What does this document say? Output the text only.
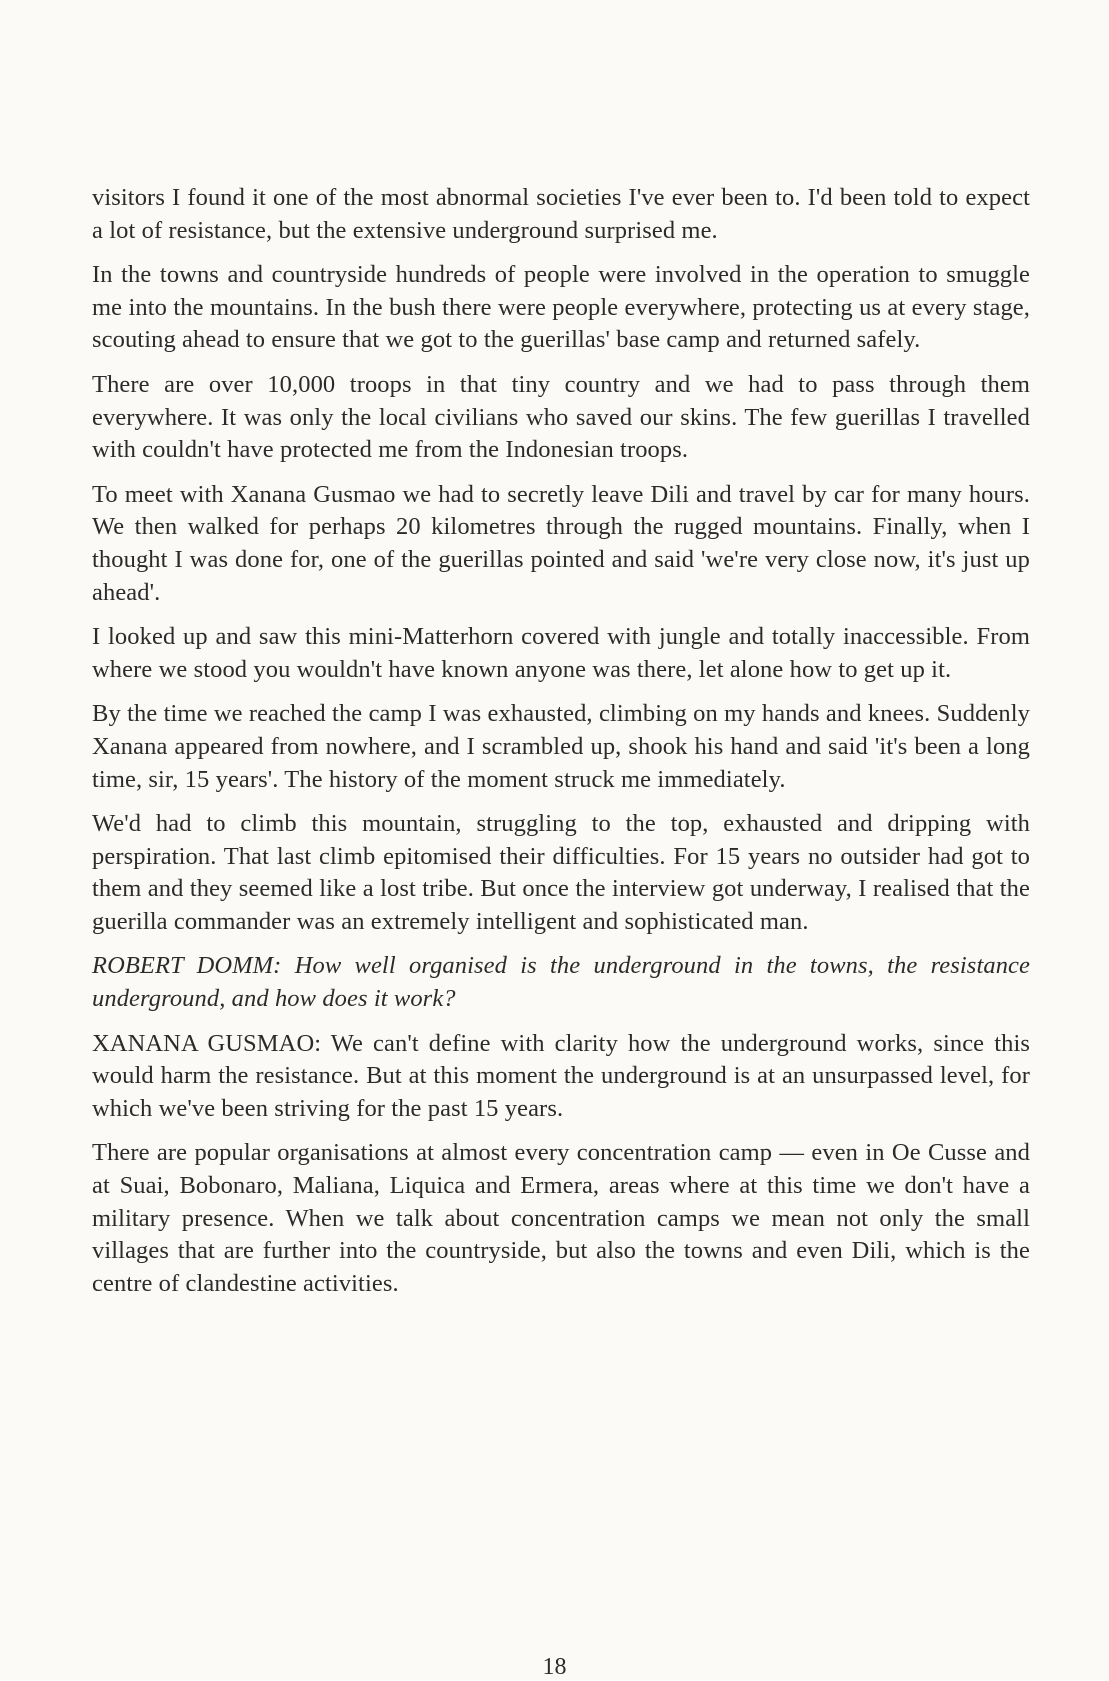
visitors I found it one of the most abnormal societies I've ever been to. I'd been told to expect a lot of resistance, but the extensive underground surprised me.

In the towns and countryside hundreds of people were involved in the operation to smuggle me into the mountains. In the bush there were people everywhere, protecting us at every stage, scouting ahead to ensure that we got to the guerillas' base camp and returned safely.

There are over 10,000 troops in that tiny country and we had to pass through them everywhere. It was only the local civilians who saved our skins. The few guerillas I travelled with couldn't have protected me from the Indonesian troops.

To meet with Xanana Gusmao we had to secretly leave Dili and travel by car for many hours. We then walked for perhaps 20 kilometres through the rugged mountains. Finally, when I thought I was done for, one of the guerillas pointed and said 'we're very close now, it's just up ahead'.

I looked up and saw this mini-Matterhorn covered with jungle and totally inaccessible. From where we stood you wouldn't have known anyone was there, let alone how to get up it.

By the time we reached the camp I was exhausted, climbing on my hands and knees. Suddenly Xanana appeared from nowhere, and I scrambled up, shook his hand and said 'it's been a long time, sir, 15 years'. The history of the moment struck me immediately.

We'd had to climb this mountain, struggling to the top, exhausted and dripping with perspiration. That last climb epitomised their difficulties. For 15 years no outsider had got to them and they seemed like a lost tribe. But once the interview got underway, I realised that the guerilla commander was an extremely intelligent and sophisticated man.

ROBERT DOMM: How well organised is the underground in the towns, the resistance underground, and how does it work?

XANANA GUSMAO: We can't define with clarity how the underground works, since this would harm the resistance. But at this moment the underground is at an unsurpassed level, for which we've been striving for the past 15 years.

There are popular organisations at almost every concentration camp — even in Oe Cusse and at Suai, Bobonaro, Maliana, Liquica and Ermera, areas where at this time we don't have a military presence. When we talk about concentration camps we mean not only the small villages that are further into the countryside, but also the towns and even Dili, which is the centre of clandestine activities.

18
